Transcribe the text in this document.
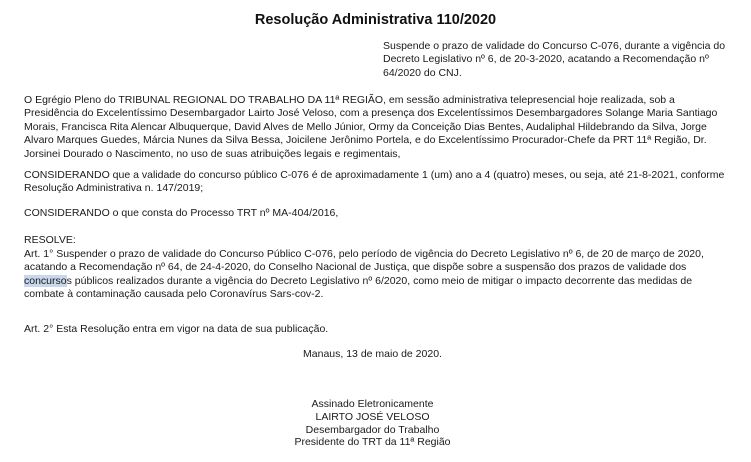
Resolução Administrativa 110/2020
Suspende o prazo de validade do Concurso C-076, durante a vigência do Decreto Legislativo nº 6, de 20-3-2020, acatando a Recomendação nº 64/2020 do CNJ.
O Egrégio Pleno do TRIBUNAL REGIONAL DO TRABALHO DA 11ª REGIÃO, em sessão administrativa telepresencial hoje realizada, sob a Presidência do Excelentíssimo Desembargador Lairto José Veloso, com a presença dos Excelentíssimos Desembargadores Solange Maria Santiago Morais, Francisca Rita Alencar Albuquerque, David Alves de Mello Júnior, Ormy da Conceição Dias Bentes, Audaliphal Hildebrando da Silva, Jorge Alvaro Marques Guedes, Márcia Nunes da Silva Bessa, Joicilene Jerônimo Portela, e do Excelentíssimo Procurador-Chefe da PRT 11ª Região, Dr. Jorsinei Dourado o Nascimento, no uso de suas atribuições legais e regimentais,
CONSIDERANDO que a validade do concurso público C-076 é de aproximadamente 1 (um) ano a 4 (quatro) meses, ou seja, até 21-8-2021, conforme Resolução Administrativa n. 147/2019;
CONSIDERANDO o que consta do Processo TRT nº MA-404/2016,
RESOLVE:
Art. 1° Suspender o prazo de validade do Concurso Público C-076, pelo período de vigência do Decreto Legislativo nº 6, de 20 de março de 2020, acatando a Recomendação nº 64, de 24-4-2020, do Conselho Nacional de Justiça, que dispõe sobre a suspensão dos prazos de validade dos concursos públicos realizados durante a vigência do Decreto Legislativo nº 6/2020, como meio de mitigar o impacto decorrente das medidas de combate à contaminação causada pelo Coronavírus Sars-cov-2.
Art. 2° Esta Resolução entra em vigor na data de sua publicação.
Manaus, 13 de maio de 2020.
Assinado Eletronicamente
LAIRTO JOSÉ VELOSO
Desembargador do Trabalho
Presidente do TRT da 11ª Região
